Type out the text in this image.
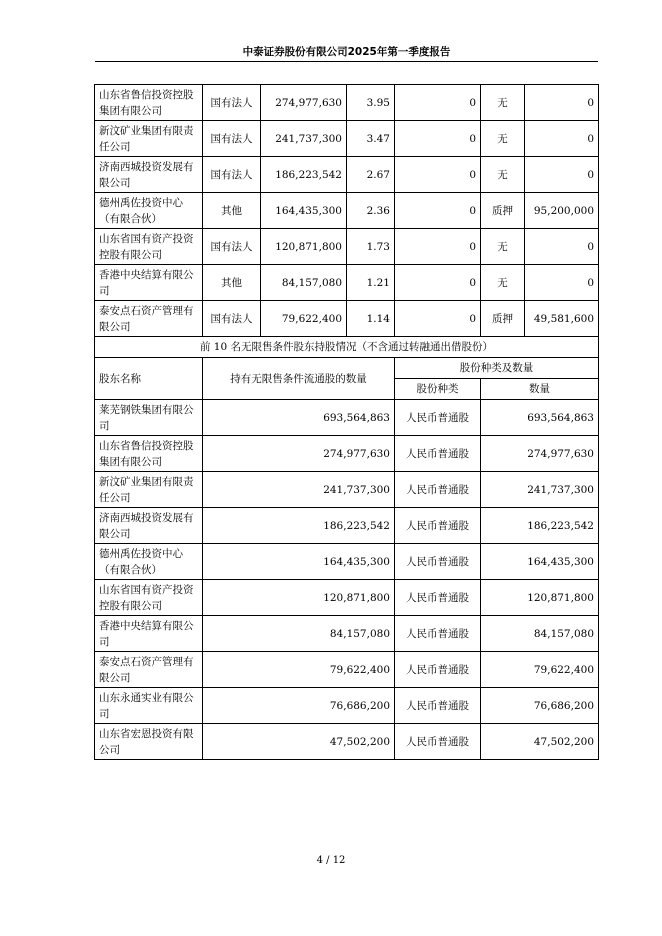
中泰证券股份有限公司2025年第一季度报告
山东省鲁信投资控股集团有限公司	国有法人	274,977,630	3.95	0	无	0
新汶矿业集团有限责任公司	国有法人	241,737,300	3.47	0	无	0
济南西城投资发展有限公司	国有法人	186,223,542	2.67	0	无	0
德州禹佐投资中心（有限合伙）	其他	164,435,300	2.36	0	质押	95,200,000
山东省国有资产投资控股有限公司	国有法人	120,871,800	1.73	0	无	0
香港中央结算有限公司	其他	84,157,080	1.21	0	无	0
泰安点石资产管理有限公司	国有法人	79,622,400	1.14	0	质押	49,581,600
前 10 名无限售条件股东持股情况（不含通过转融通出借股份）						
股东名称	持有无限售条件流通股的数量			股份种类及数量		
				股份种类	数量	
莱芜钢铁集团有限公司	693,564,863			人民币普通股	693,564,863	
山东省鲁信投资控股集团有限公司	274,977,630			人民币普通股	274,977,630	
新汶矿业集团有限责任公司	241,737,300			人民币普通股	241,737,300	
济南西城投资发展有限公司	186,223,542			人民币普通股	186,223,542	
德州禹佐投资中心（有限合伙）	164,435,300			人民币普通股	164,435,300	
山东省国有资产投资控股有限公司	120,871,800			人民币普通股	120,871,800	
香港中央结算有限公司	84,157,080			人民币普通股	84,157,080	
泰安点石资产管理有限公司	79,622,400			人民币普通股	79,622,400	
山东永通实业有限公司	76,686,200			人民币普通股	76,686,200	
山东省宏恩投资有限公司	47,502,200			人民币普通股	47,502,200	
4 / 12
